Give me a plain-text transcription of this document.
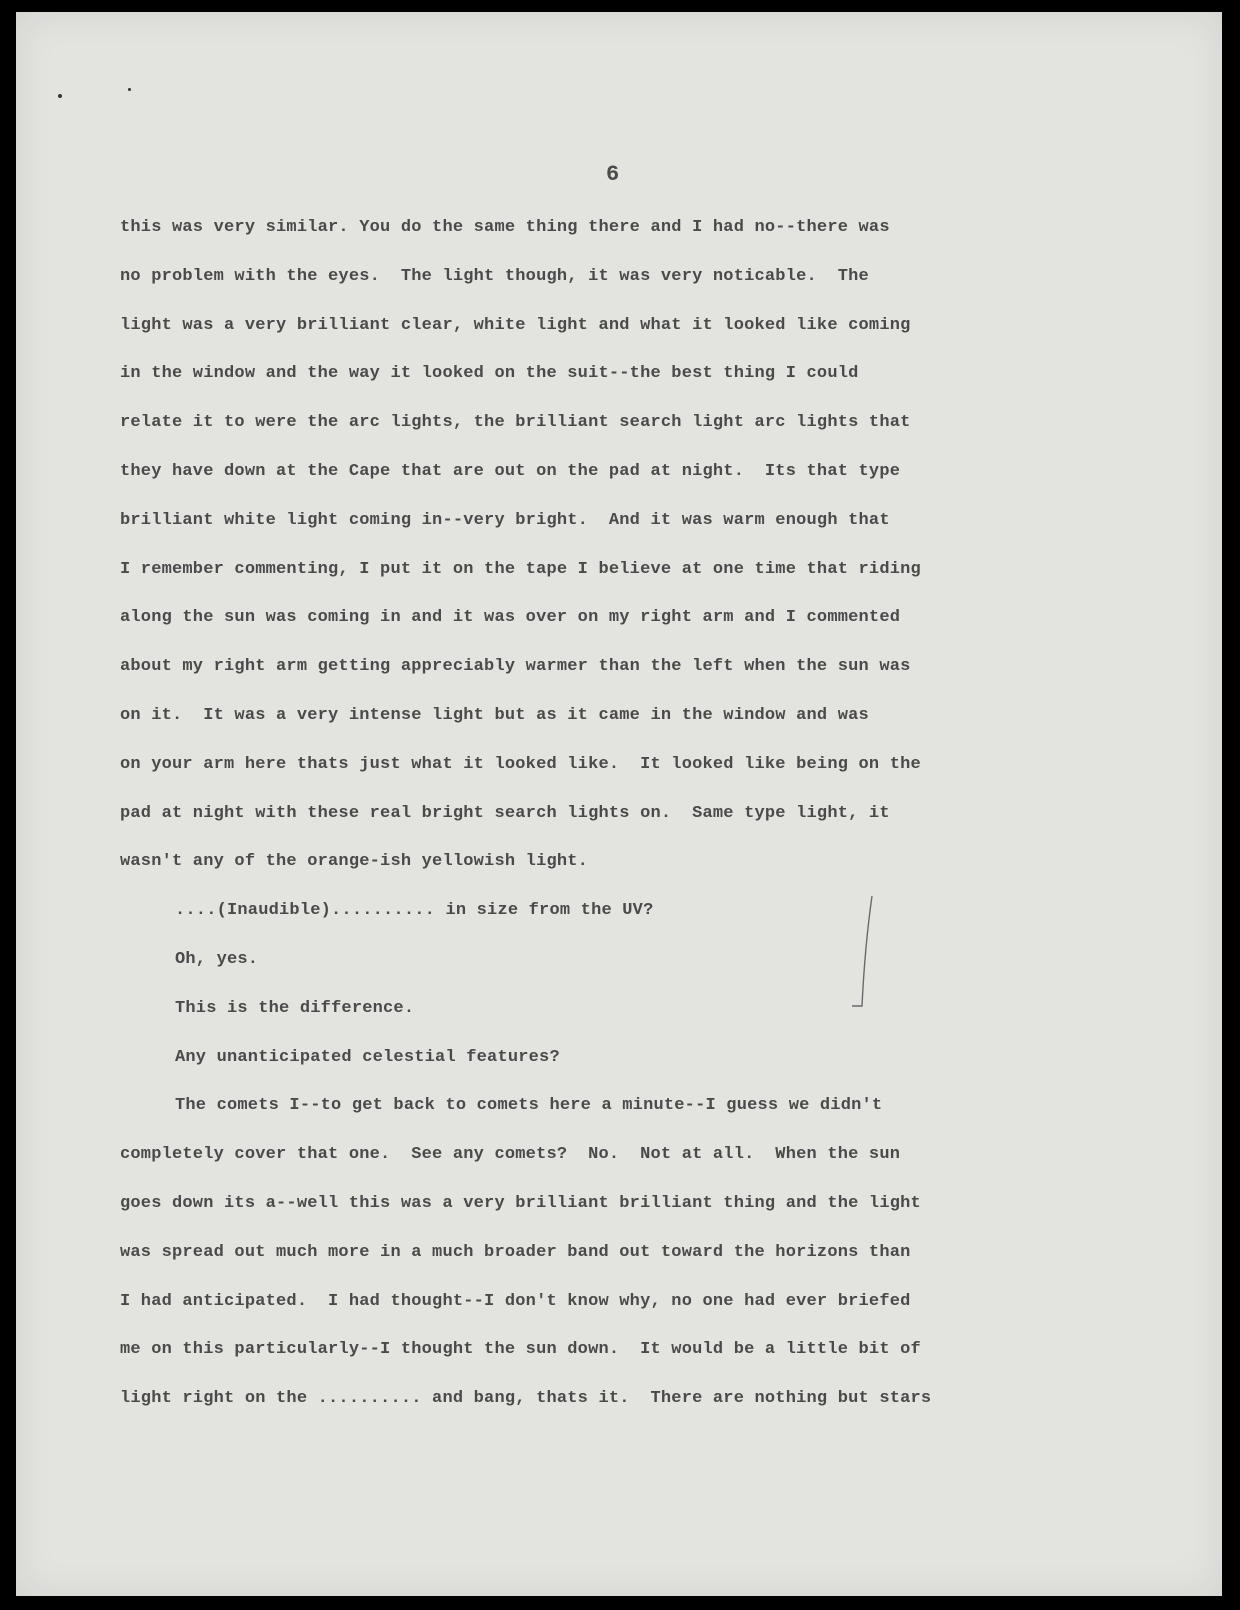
6
this was very similar. You do the same thing there and I had no--there was
no problem with the eyes.  The light though, it was very noticable.  The
light was a very brilliant clear, white light and what it looked like coming
in the window and the way it looked on the suit--the best thing I could
relate it to were the arc lights, the brilliant search light arc lights that
they have down at the Cape that are out on the pad at night.  Its that type
brilliant white light coming in--very bright.  And it was warm enough that
I remember commenting, I put it on the tape I believe at one time that riding
along the sun was coming in and it was over on my right arm and I commented
about my right arm getting appreciably warmer than the left when the sun was
on it.  It was a very intense light but as it came in the window and was
on your arm here thats just what it looked like.  It looked like being on the
pad at night with these real bright search lights on.  Same type light, it
wasn't any of the orange-ish yellowish light.
....(Inaudible).......... in size from the UV?
Oh, yes.
This is the difference.
Any unanticipated celestial features?
The comets I--to get back to comets here a minute--I guess we didn't
completely cover that one.  See any comets?  No.  Not at all.  When the sun
goes down its a--well this was a very brilliant brilliant thing and the light
was spread out much more in a much broader band out toward the horizons than
I had anticipated.  I had thought--I don't know why, no one had ever briefed
me on this particularly--I thought the sun down.  It would be a little bit of
light right on the .......... and bang, thats it.  There are nothing but stars
